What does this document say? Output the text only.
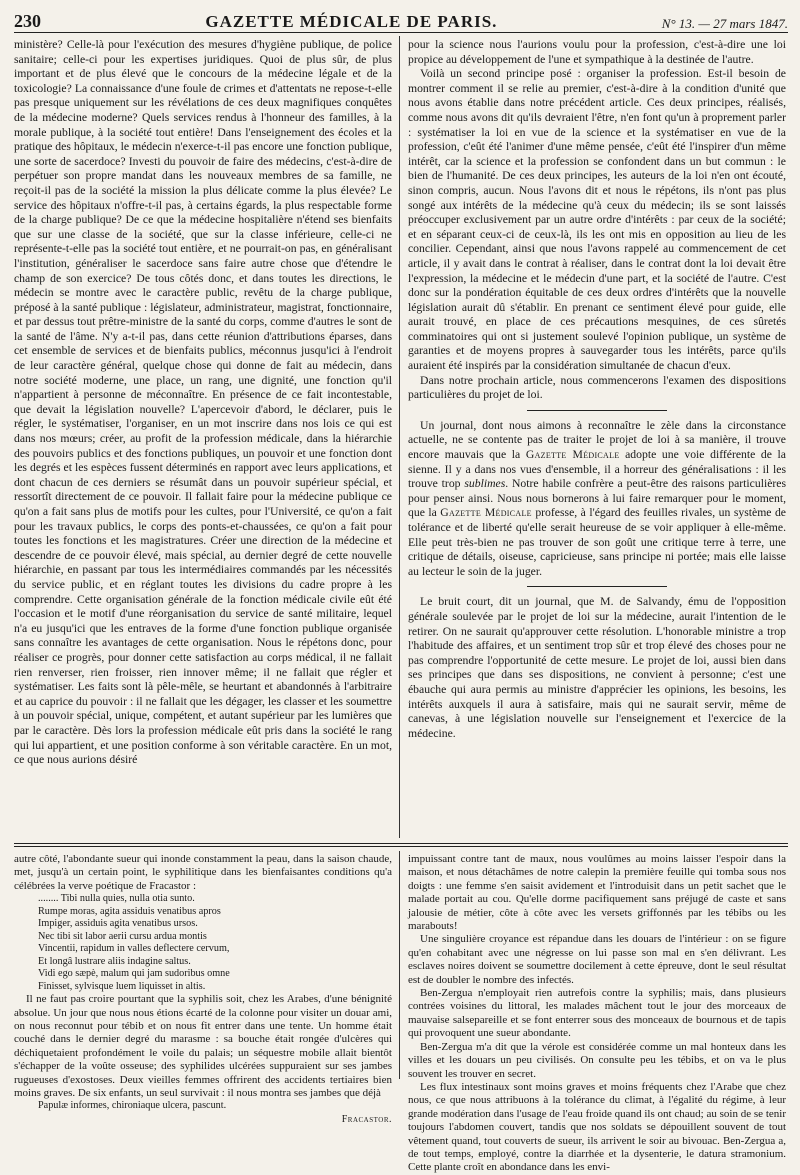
230	GAZETTE MÉDICALE DE PARIS.	N° 13. — 27 mars 1847.

ministère? Celle-là pour l'exécution des mesures d'hygiène publique, de police sanitaire; celle-ci pour les expertises juridiques. Quoi de plus sûr, de plus important et de plus élevé que le concours de la médecine légale et de la toxicologie? La connaissance d'une foule de crimes et d'attentats ne repose-t-elle pas presque uniquement sur les révélations de ces deux magnifiques conquêtes de la médecine moderne? Quels services rendus à l'honneur des familles, à la morale publique, à la société tout entière! Dans l'enseignement des écoles et la pratique des hôpitaux, le médecin n'exerce-t-il pas encore une fonction publique, une sorte de sacerdoce? Investi du pouvoir de faire des médecins, c'est-à-dire de perpétuer son propre mandat dans les nouveaux membres de sa famille, ne reçoit-il pas de la société la mission la plus délicate comme la plus élevée? Le service des hôpitaux n'offre-t-il pas, à certains égards, la plus respectable forme de la charge publique? De ce que la médecine hospitalière n'étend ses bienfaits que sur une classe de la société, que sur la classe inférieure, celle-ci ne représente-t-elle pas la société tout entière, et ne pourrait-on pas, en généralisant l'institution, généraliser le sacerdoce sans faire autre chose que d'étendre le champ de son exercice? De tous côtés donc, et dans toutes les directions, le médecin se montre avec le caractère public, revêtu de la charge publique, préposé à la santé publique : législateur, administrateur, magistrat, fonctionnaire, et par dessus tout prêtre-ministre de la santé du corps, comme d'autres le sont de la santé de l'âme. N'y a-t-il pas, dans cette réunion d'attributions éparses, dans cet ensemble de services et de bienfaits publics, méconnus jusqu'ici à l'endroit de leur caractère général, quelque chose qui donne de fait au médecin, dans notre société moderne, une place, un rang, une dignité, une fonction qu'il n'appartient à personne de méconnaître. En présence de ce fait incontestable, que devait la législation nouvelle? L'apercevoir d'abord, le déclarer, puis le régler, le systématiser, l'organiser, en un mot inscrire dans nos lois ce qui est dans nos mœurs; créer, au profit de la profession médicale, dans la hiérarchie des pouvoirs publics et des fonctions publiques, un pouvoir et une fonction dont les degrés et les espèces fussent déterminés en rapport avec leurs applications, et dont chacun de ces derniers se résumât dans un pouvoir supérieur spécial, et ressortît directement de ce pouvoir. Il fallait faire pour la médecine publique ce qu'on a fait sans plus de motifs pour les cultes, pour l'Université, ce qu'on a fait pour les travaux publics, le corps des ponts-et-chaussées, ce qu'on a fait pour toutes les fonctions et les magistratures. Créer une direction de la médecine et descendre de ce pouvoir élevé, mais spécial, au dernier degré de cette nouvelle hiérarchie, en passant par tous les intermédiaires commandés par les nécessités du service public, et en réglant toutes les divisions du cadre propre à les comprendre. Cette organisation générale de la fonction médicale civile eût été l'occasion et le motif d'une réorganisation du service de santé militaire, lequel n'a eu jusqu'ici que les entraves de la forme d'une fonction publique organisée sans connaître les avantages de cette organisation. Nous le répétons donc, pour réaliser ce progrès, pour donner cette satisfaction au corps médical, il ne fallait rien renverser, rien froisser, rien innover même; il ne fallait que régler et systématiser. Les faits sont là pêle-mêle, se heurtant et abandonnés à l'arbitraire et au caprice du pouvoir : il ne fallait que les dégager, les classer et les soumettre à un pouvoir spécial, unique, compétent, et autant supérieur par les lumières que par le caractère. Dès lors la profession médicale eût pris dans la société le rang qui lui appartient, et une position conforme à son véritable caractère. En un mot, ce que nous aurions désiré

pour la science nous l'aurions voulu pour la profession, c'est-à-dire une loi propice au développement de l'une et sympathique à la destinée de l'autre.

Voilà un second principe posé : organiser la profession. Est-il besoin de montrer comment il se relie au premier, c'est-à-dire à la condition d'unité que nous avons établie dans notre précédent article. Ces deux principes, réalisés, comme nous avons dit qu'ils devraient l'être, n'en font qu'un à proprement parler : systématiser la loi en vue de la science et la systématiser en vue de la profession, c'eût été l'animer d'une même pensée, c'eût été l'inspirer d'un même intérêt, car la science et la profession se confondent dans un but commun : le bien de l'humanité. De ces deux principes, les auteurs de la loi n'en ont écouté, sinon compris, aucun. Nous l'avons dit et nous le répétons, ils n'ont pas plus songé aux intérêts de la médecine qu'à ceux du médecin; ils se sont laissés préoccuper exclusivement par un autre ordre d'intérêts : par ceux de la société; et en séparant ceux-ci de ceux-là, ils les ont mis en opposition au lieu de les concilier. Cependant, ainsi que nous l'avons rappelé au commencement de cet article, il y avait dans le contrat à réaliser, dans le contrat dont la loi devait être l'expression, la médecine et le médecin d'une part, et la société de l'autre. C'est donc sur la pondération équitable de ces deux ordres d'intérêts que la nouvelle législation aurait dû s'établir. En prenant ce sentiment élevé pour guide, elle aurait trouvé, en place de ces précautions mesquines, de ces sûretés comminatoires qui ont si justement soulevé l'opinion publique, un système de garanties et de moyens propres à sauvegarder tous les intérêts, parce qu'ils auraient été inspirés par la considération simultanée de chacun d'eux.

Dans notre prochain article, nous commencerons l'examen des dispositions particulières du projet de loi.

Un journal, dont nous aimons à reconnaître le zèle dans la circonstance actuelle, ne se contente pas de traiter le projet de loi à sa manière, il trouve encore mauvais que la Gazette Médicale adopte une voie différente de la sienne. Il y a dans nos vues d'ensemble, il a horreur des généralisations : il les trouve trop sublimes. Notre habile confrère a peut-être des raisons particulières pour penser ainsi. Nous nous bornerons à lui faire remarquer pour le moment, que la Gazette Médicale professe, à l'égard des feuilles rivales, un système de tolérance et de liberté qu'elle serait heureuse de se voir appliquer à elle-même. Elle peut très-bien ne pas trouver de son goût une critique terre à terre, une critique de détails, oiseuse, capricieuse, sans principe ni portée; mais elle laisse au lecteur le soin de la juger.

Le bruit court, dit un journal, que M. de Salvandy, ému de l'opposition générale soulevée par le projet de loi sur la médecine, aurait l'intention de le retirer. On ne saurait qu'approuver cette résolution. L'honorable ministre a trop l'habitude des affaires, et un sentiment trop sûr et trop élevé des choses pour ne pas comprendre l'opportunité de cette mesure. Le projet de loi, aussi bien dans ses principes que dans ses dispositions, ne convient à personne; c'est une ébauche qui aura permis au ministre d'apprécier les opinions, les besoins, les intérêts auxquels il aura à satisfaire, mais qui ne saurait servir, même de canevas, à une législation nouvelle sur l'enseignement et l'exercice de la médecine.

autre côté, l'abondante sueur qui inonde constamment la peau, dans la saison chaude, met, jusqu'à un certain point, le syphilitique dans les bienfaisantes conditions qu'a célébrées la verve poétique de Fracastor :

........ Tibi nulla quies, nulla otia sunto.
Rumpe moras, agita assiduis venatibus apros
Impiger, assiduis agita venatibus ursos.
Nec tibi sit labor aerii cursu ardua montis
Vincentii, rapidum in valles deflectere cervum,
Et longâ lustrare aliis indagine saltus.
Vidi ego sæpè, malum qui jam sudoribus omne
Finisset, sylvisque luem liquisset in altis.

Il ne faut pas croire pourtant que la syphilis soit, chez les Arabes, d'une bénignité absolue. Un jour que nous nous étions écarté de la colonne pour visiter un douar ami, on nous reconnut pour tébib et on nous fit entrer dans une tente. Un homme était couché dans le dernier degré du marasme : sa bouche était rongée d'ulcères qui déchiquetaient profondément le voile du palais; un séquestre mobile allait bientôt s'échapper de la voûte osseuse; des syphilides ulcérées suppuraient sur ses jambes rugueuses d'exostoses. Deux vieilles femmes offrirent des accidents tertiaires bien moins graves. De six enfants, un seul survivait : il nous montra ses jambes que déjà

Papulæ informes, chironiaque ulcera, pascunt.
Fracastor.

impuissant contre tant de maux, nous voulûmes au moins laisser l'espoir dans la maison, et nous détachâmes de notre calepin la première feuille qui tomba sous nos doigts : une femme s'en saisit avidement et l'introduisit dans un petit sachet que le malade portait au cou. Qu'elle dorme pacifiquement sans préjugé de caste et sans jalousie de métier, côte à côte avec les versets griffonnés par les tébibs ou les marabouts!

Une singulière croyance est répandue dans les douars de l'intérieur : on se figure qu'en cohabitant avec une négresse on lui passe son mal en s'en délivrant. Les esclaves noires doivent se soumettre docilement à cette épreuve, dont le seul résultat est de doubler le nombre des infectés.

Ben-Zergua n'employait rien autrefois contre la syphilis; mais, dans plusieurs contrées voisines du littoral, les malades mâchent tout le jour des morceaux de mauvaise salsepareille et se font enterrer sous des monceaux de bournous et de tapis qui provoquent une sueur abondante.

Ben-Zergua m'a dit que la vérole est considérée comme un mal honteux dans les villes et les douars un peu civilisés. On consulte peu les tébibs, et on va le plus souvent les trouver en secret.

Les flux intestinaux sont moins graves et moins fréquents chez l'Arabe que chez nous, ce que nous attribuons à la tolérance du climat, à l'égalité du régime, à leur grande modération dans l'usage de l'eau froide quand ils ont chaud; au soin de se tenir toujours l'abdomen couvert, tandis que nos soldats se dépouillent souvent de tout vêtement quand, tout couverts de sueur, ils arrivent le soir au bivouac. Ben-Zergua a, de tout temps, employé, contre la diarrhée et la dysenterie, le datura stramonium. Cette plante croît en abondance dans les envi-
